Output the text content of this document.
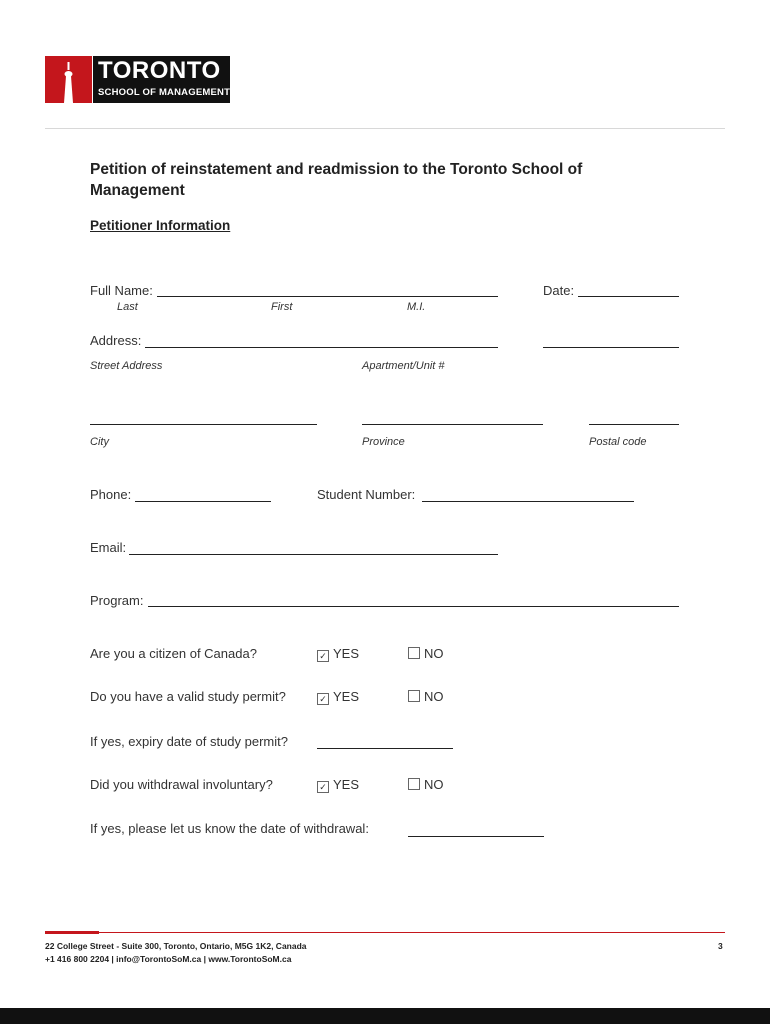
TORONTO
SCHOOL OF MANAGEMENT
Petition of reinstatement and readmission to the Toronto School of Management
Petitioner Information
Full Name:	Date:
Last	First	M.I.
Address:
Street Address	Apartment/Unit #
City	Province	Postal code
Phone:	Student Number:
Email:
Program:
Are you a citizen of Canada?	✓ YES	NO
Do you have a valid study permit?	✓ YES	NO
If yes, expiry date of study permit?
Did you withdrawal involuntary?	✓ YES	NO
If yes, please let us know the date of withdrawal:
22 College Street - Suite 300, Toronto, Ontario, M5G 1K2, Canada
+1 416 800 2204 | info@TorontoSoM.ca | www.TorontoSoM.ca
3
